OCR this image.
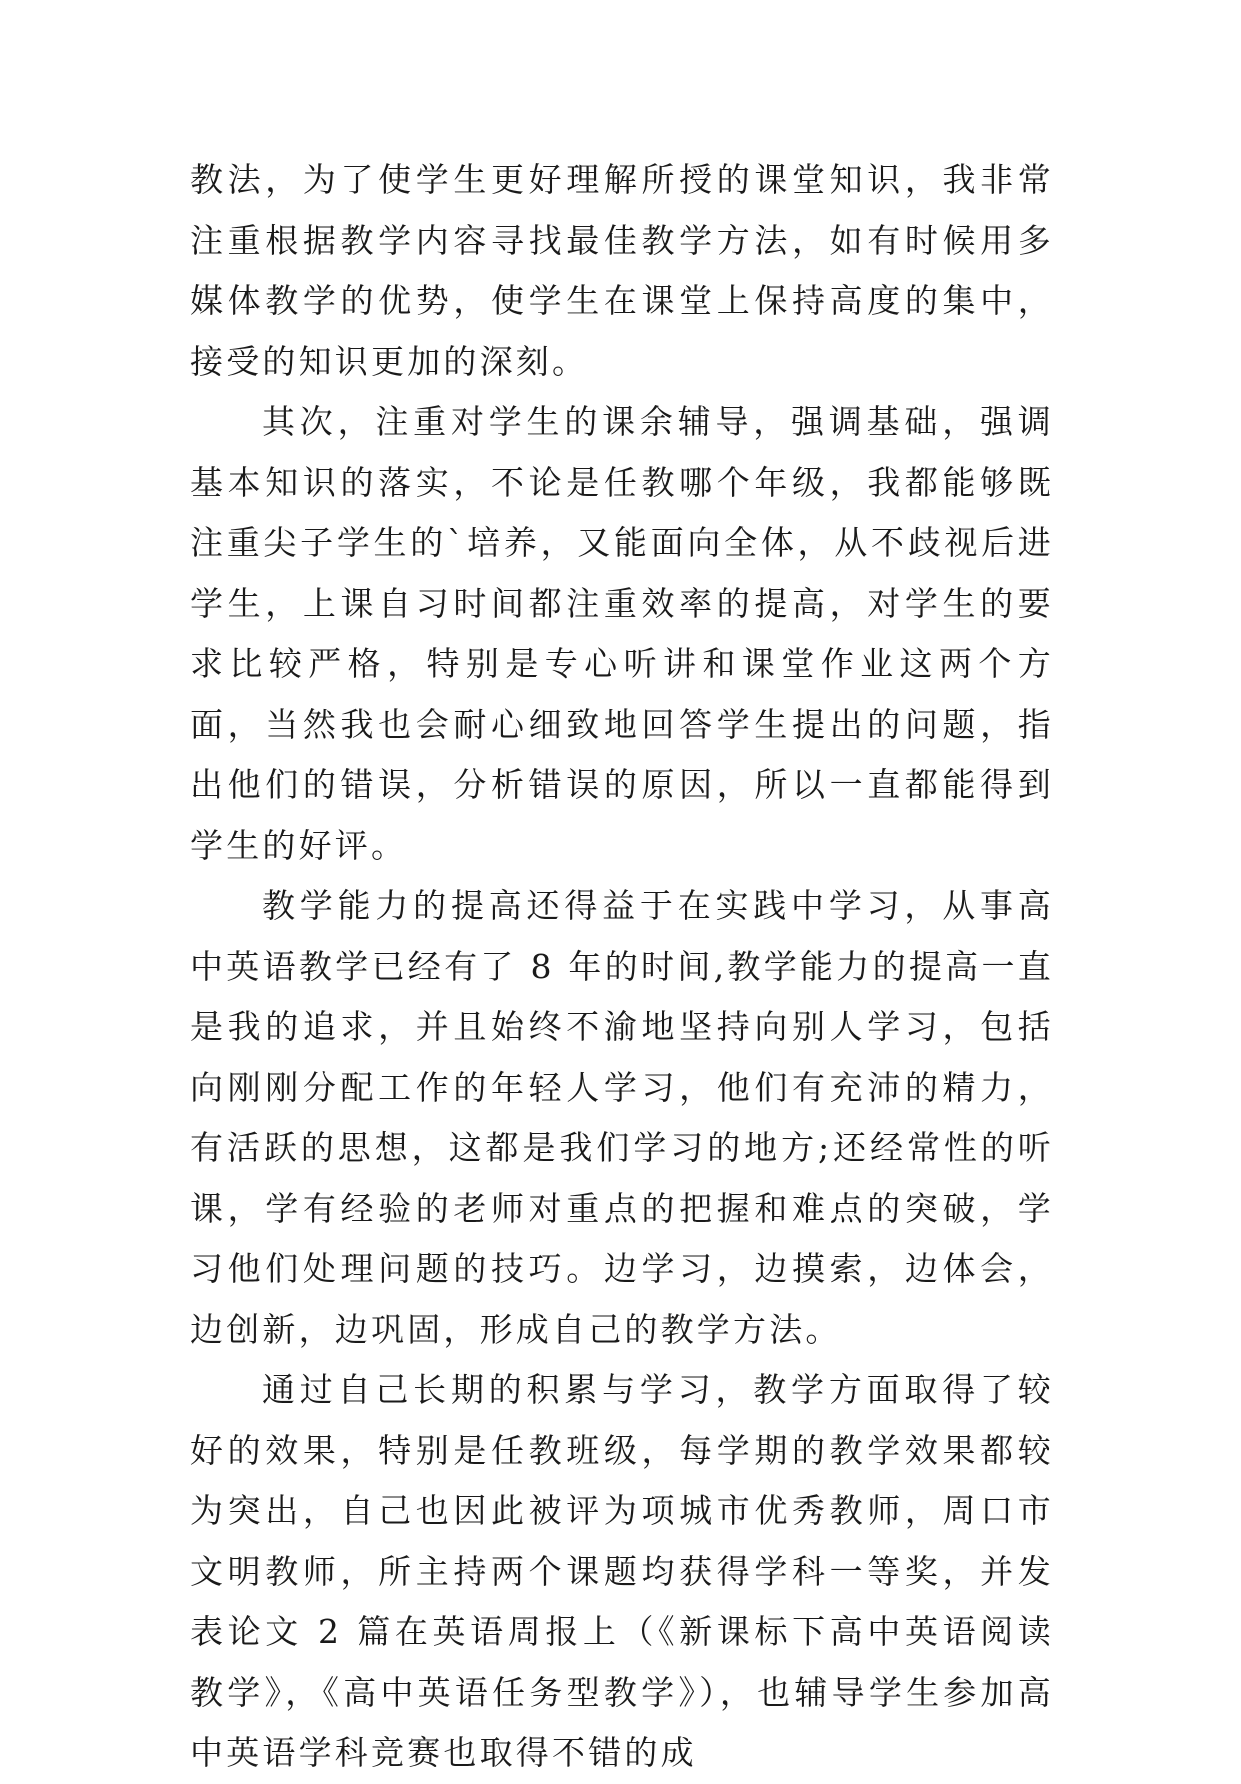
教法，为了使学生更好理解所授的课堂知识，我非常注重根据教学内容寻找最佳教学方法，如有时候用多媒体教学的优势，使学生在课堂上保持高度的集中，接受的知识更加的深刻。

其次，注重对学生的课余辅导，强调基础，强调基本知识的落实，不论是任教哪个年级，我都能够既注重尖子学生的`培养，又能面向全体，从不歧视后进学生，上课自习时间都注重效率的提高，对学生的要求比较严格，特别是专心听讲和课堂作业这两个方面，当然我也会耐心细致地回答学生提出的问题，指出他们的错误，分析错误的原因，所以一直都能得到学生的好评。

教学能力的提高还得益于在实践中学习，从事高中英语教学已经有了 8 年的时间,教学能力的提高一直是我的追求，并且始终不渝地坚持向别人学习，包括向刚刚分配工作的年轻人学习，他们有充沛的精力，有活跃的思想，这都是我们学习的地方;还经常性的听课，学有经验的老师对重点的把握和难点的突破，学习他们处理问题的技巧。边学习，边摸索，边体会，边创新，边巩固，形成自己的教学方法。

通过自己长期的积累与学习，教学方面取得了较好的效果，特别是任教班级，每学期的教学效果都较为突出，自己也因此被评为项城市优秀教师，周口市文明教师，所主持两个课题均获得学科一等奖，并发表论文 2 篇在英语周报上（《新课标下高中英语阅读教学》，《高中英语任务型教学》），也辅导学生参加高中英语学科竞赛也取得不错的成
